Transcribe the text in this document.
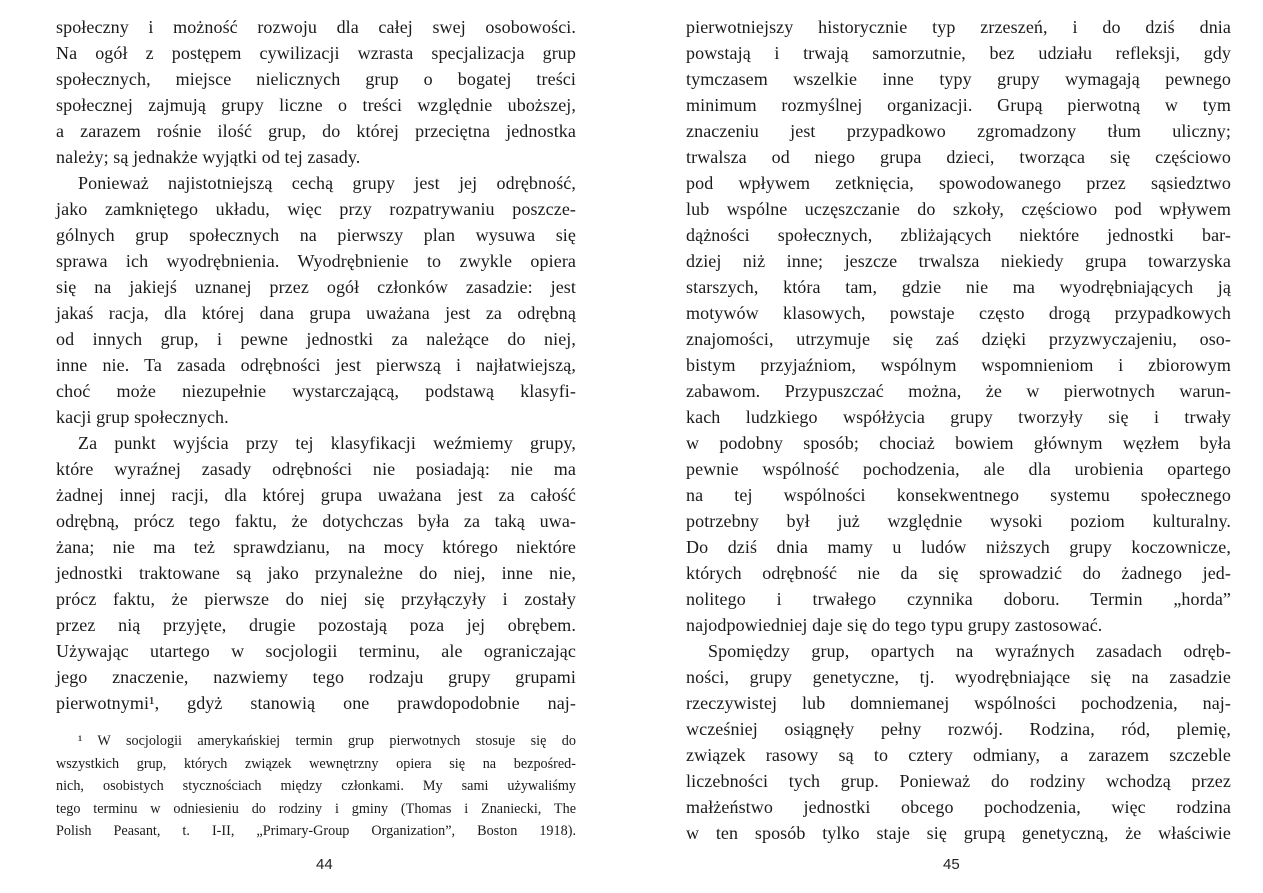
społeczny i możność rozwoju dla całej swej osobowości.
Na ogół z postępem cywilizacji wzrasta specjalizacja grup
społecznych, miejsce nielicznych grup o bogatej treści
społecznej zajmują grupy liczne o treści względnie uboższej,
a zarazem rośnie ilość grup, do której przeciętna jednostka
należy; są jednakże wyjątki od tej zasady.
Ponieważ najistotniejszą cechą grupy jest jej odrębność,
jako zamkniętego układu, więc przy rozpatrywaniu poszcze-
gólnych grup społecznych na pierwszy plan wysuwa się
sprawa ich wyodrębnienia. Wyodrębnienie to zwykle opiera
się na jakiejś uznanej przez ogół członków zasadzie: jest
jakaś racja, dla której dana grupa uważana jest za odrębną
od innych grup, i pewne jednostki za należące do niej,
inne nie. Ta zasada odrębności jest pierwszą i najłatwiejszą,
choć może niezupełnie wystarczającą, podstawą klasyfi-
kacji grup społecznych.
Za punkt wyjścia przy tej klasyfikacji weźmiemy grupy,
które wyraźnej zasady odrębności nie posiadają: nie ma
żadnej innej racji, dla której grupa uważana jest za całość
odrębną, prócz tego faktu, że dotychczas była za taką uwa-
żana; nie ma też sprawdzianu, na mocy którego niektóre
jednostki traktowane są jako przynależne do niej, inne nie,
prócz faktu, że pierwsze do niej się przyłączyły i zostały
przez nią przyjęte, drugie pozostają poza jej obrębem.
Używając utartego w socjologii terminu, ale ograniczając
jego znaczenie, nazwiemy tego rodzaju grupy grupami
pierwotnymi¹, gdyż stanowią one prawdopodobnie naj-
¹ W socjologii amerykańskiej termin grup pierwotnych stosuje się do
wszystkich grup, których związek wewnętrzny opiera się na bezpośred-
nich, osobistych stycznościach między członkami. My sami używaliśmy
tego terminu w odniesieniu do rodziny i gminy (Thomas i Znaniecki, The
Polish Peasant, t. I-II, „Primary-Group Organization”, Boston 1918).
44
pierwotniejszy historycznie typ zrzeszeń, i do dziś dnia
powstają i trwają samorzutnie, bez udziału refleksji, gdy
tymczasem wszelkie inne typy grupy wymagają pewnego
minimum rozmyślnej organizacji. Grupą pierwotną w tym
znaczeniu jest przypadkowo zgromadzony tłum uliczny;
trwalsza od niego grupa dzieci, tworząca się częściowo
pod wpływem zetknięcia, spowodowanego przez sąsiedztwo
lub wspólne uczęszczanie do szkoły, częściowo pod wpływem
dążności społecznych, zbliżających niektóre jednostki bar-
dziej niż inne; jeszcze trwalsza niekiedy grupa towarzyska
starszych, która tam, gdzie nie ma wyodrębniających ją
motywów klasowych, powstaje często drogą przypadkowych
znajomości, utrzymuje się zaś dzięki przyzwyczajeniu, oso-
bistym przyjaźniom, wspólnym wspomnieniom i zbiorowym
zabawom. Przypuszczać można, że w pierwotnych warun-
kach ludzkiego współżycia grupy tworzyły się i trwały
w podobny sposób; chociaż bowiem głównym węzłem była
pewnie wspólność pochodzenia, ale dla urobienia opartego
na tej wspólności konsekwentnego systemu społecznego
potrzebny był już względnie wysoki poziom kulturalny.
Do dziś dnia mamy u ludów niższych grupy koczownicze,
których odrębność nie da się sprowadzić do żadnego jed-
nolitego i trwałego czynnika doboru. Termin „horda”
najodpowiedniej daje się do tego typu grupy zastosować.
Spomiędzy grup, opartych na wyraźnych zasadach odręb-
ności, grupy genetyczne, tj. wyodrębniające się na zasadzie
rzeczywistej lub domniemanej wspólności pochodzenia, naj-
wcześniej osiągnęły pełny rozwój. Rodzina, ród, plemię,
związek rasowy są to cztery odmiany, a zarazem szczeble
liczebności tych grup. Ponieważ do rodziny wchodzą przez
małżeństwo jednostki obcego pochodzenia, więc rodzina
w ten sposób tylko staje się grupą genetyczną, że właściwie
45
